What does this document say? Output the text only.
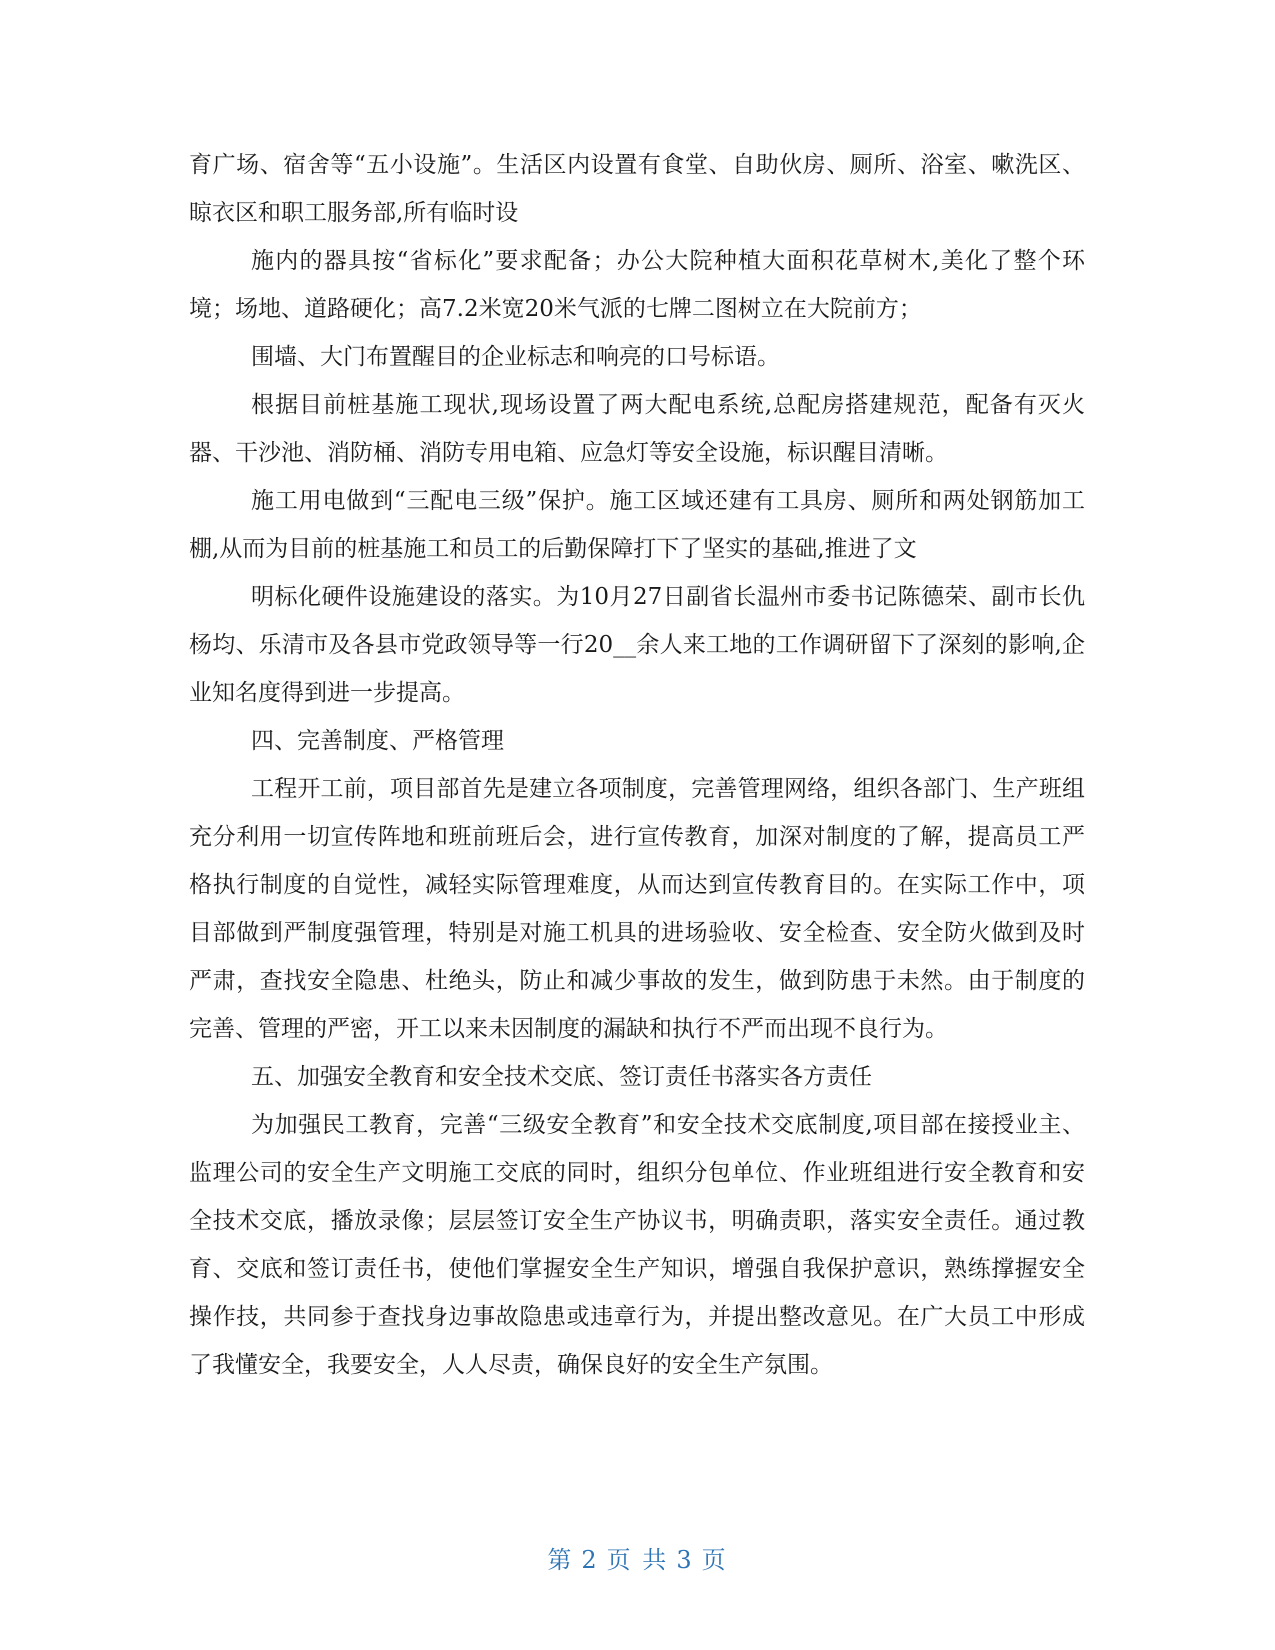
育广场、宿舍等“五小设施”。生活区内设置有食堂、自助伙房、厕所、浴室、嗽洗区、晾衣区和职工服务部,所有临时设

施内的器具按“省标化”要求配备；办公大院种植大面积花草树木,美化了整个环境；场地、道路硬化；高7.2米宽20米气派的七牌二图树立在大院前方；

围墙、大门布置醒目的企业标志和响亮的口号标语。

根据目前桩基施工现状,现场设置了两大配电系统,总配房搭建规范，配备有灭火器、干沙池、消防桶、消防专用电箱、应急灯等安全设施，标识醒目清晰。

施工用电做到“三配电三级”保护。施工区域还建有工具房、厕所和两处钢筋加工棚,从而为目前的桩基施工和员工的后勤保障打下了坚实的基础,推进了文

明标化硬件设施建设的落实。为10月27日副省长温州市委书记陈德荣、副市长仇杨均、乐清市及各县市党政领导等一行20__余人来工地的工作调研留下了深刻的影响,企业知名度得到进一步提高。

四、完善制度、严格管理

工程开工前，项目部首先是建立各项制度，完善管理网络，组织各部门、生产班组充分利用一切宣传阵地和班前班后会，进行宣传教育，加深对制度的了解，提高员工严格执行制度的自觉性，减轻实际管理难度，从而达到宣传教育目的。在实际工作中，项目部做到严制度强管理，特别是对施工机具的进场验收、安全检查、安全防火做到及时严肃，查找安全隐患、杜绝头，防止和减少事故的发生，做到防患于未然。由于制度的完善、管理的严密，开工以来未因制度的漏缺和执行不严而出现不良行为。

五、加强安全教育和安全技术交底、签订责任书落实各方责任

为加强民工教育，完善“三级安全教育”和安全技术交底制度,项目部在接授业主、监理公司的安全生产文明施工交底的同时，组织分包单位、作业班组进行安全教育和安全技术交底，播放录像；层层签订安全生产协议书，明确责职，落实安全责任。通过教育、交底和签订责任书，使他们掌握安全生产知识，增强自我保护意识，熟练撑握安全操作技，共同参于查找身边事故隐患或违章行为，并提出整改意见。在广大员工中形成了我懂安全，我要安全，人人尽责，确保良好的安全生产氛围。

第 2 页 共 3 页
